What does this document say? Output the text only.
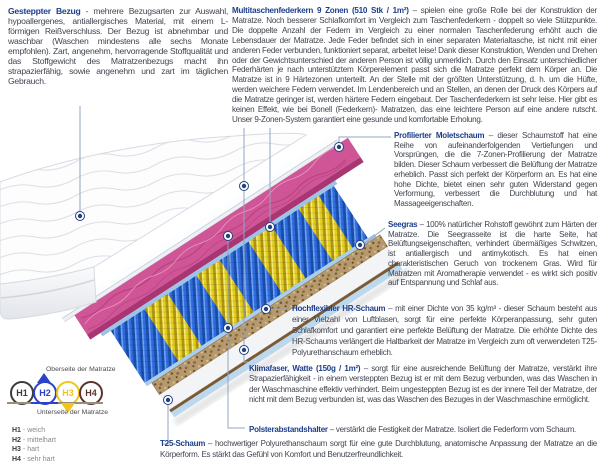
Gesteppter Bezug - mehrere Bezugsarten zur Auswahl, hypoallergenes, antiallergisches Material, mit einem L-förmigen Reißverschluss. Der Bezug ist abnehmbar und waschbar (Waschen mindestens alle sechs Monate empfohlen). Zart, angenehm, hervorragende Stoffqualität und das Stoffgewicht des Matratzenbezugs macht ihn strapazierfähig, sowie angenehm und zart im täglichen Gebrauch.

Multitaschenfederkern 9 Zonen (510 Stk / 1m²) – spielen eine große Rolle bei der Konstruktion der Matratze. Noch besserer Schlafkomfort im Vergleich zum Taschenfederkern - doppelt so viele Stützpunkte. Die doppelte Anzahl der Federn im Vergleich zu einer normalen Taschenfederung erhöht auch die Lebensdauer der Matratze. Jede Feder befindet sich in einer separaten Materialtasche, ist nicht mit einer anderen Feder verbunden, funktioniert separat, arbeitet leise! Dank dieser Konstruktion, Wenden und Drehen oder der Gewichtsunterschied der anderen Person ist völlig unmerklich. Durch den Einsatz unterschiedlicher Federhärten je nach unterstütztem Körperelement passt sich die Matratze perfekt dem Körper an. Die Matratze ist in 9 Härtezonen unterteilt. An der Stelle mit der größten Unterstützung, d. h. um die Hüfte, werden weichere Federn verwendet. Im Lendenbereich und an Stellen, an denen der Druck des Körpers auf die Matratze geringer ist, werden härtere Federn eingebaut. Der Taschenfederkern ist sehr leise. Hier gibt es keinen Effekt, wie bei Bonell (Federkern)- Matratzen, das eine leichtere Person auf eine andere rutscht. Unser 9-Zonen-System garantiert eine gesunde und komfortable Erholung.

Profilierter Moletschaum – dieser Schaumstoff hat eine Reihe von aufeinanderfolgenden Vertiefungen und Vorsprüngen, die die 7-Zonen-Profilierung der Matratze bilden. Dieser Schaum verbessert die Belüftung der Matratze erheblich. Passt sich perfekt der Körperform an. Es hat eine hohe Dichte, bietet einen sehr guten Widerstand gegen Verformung, verbessert die Durchblutung und hat Massageeigenschaften.

Seegras – 100% natürlicher Rohstoff gewöhnt zum Härten der Matratze. Die Seegrasseite ist die harte Seite, hat Belüftungseigenschaften, verhindert übermäßiges Schwitzen, ist antiallergisch und antimykotisch. Es hat einen charakteristischen Geruch von trockenem Gras. Wird für Matratzen mit Aromatherapie verwendet - es wirkt sich positiv auf Entspannung und Schlaf aus.

Hochflexibler HR-Schaum – mit einer Dichte von 35 kg/m³ - dieser Schaum besteht aus einer Vielzahl von Luftblasen, sorgt für eine perfekte Körperanpassung, sehr guten Schlafkomfort und garantiert eine perfekte Belüftung der Matratze. Die erhöhte Dichte des HR-Schaums verlängert die Haltbarkeit der Matratze im Vergleich zum oft verwendeten T25-Polyurethanschaum erheblich.

Klimafaser, Watte (150g / 1m²) – sorgt für eine ausreichende Belüftung der Matratze, verstärkt ihre Strapazierfähigkeit - in einem versteppten Bezug ist er mit dem Bezug verbunden, was das Waschen in der Waschmaschine effektiv verhindert. Beim ungesteppten Bezug ist es der innere Teil der Matratze, der nicht mit dem Bezug verbunden ist, was das Waschen des Bezuges in der Waschmaschine ermöglicht.

Polsterabstandshalter – verstärkt die Festigkeit der Matratze. Isoliert die Federform vom Schaum.

T25-Schaum – hochwertiger Polyurethanschaum sorgt für eine gute Durchblutung, anatomische Anpassung der Matratze an die Körperform. Es stärkt das Gefühl von Komfort und Benutzerfreundlichkeit.

Oberseite der Matratze
H1	H2	H3	H4
Unterseite der Matratze
H1 - weich
H2 - mittelhart
H3 - hart
H4 - sehr hart
